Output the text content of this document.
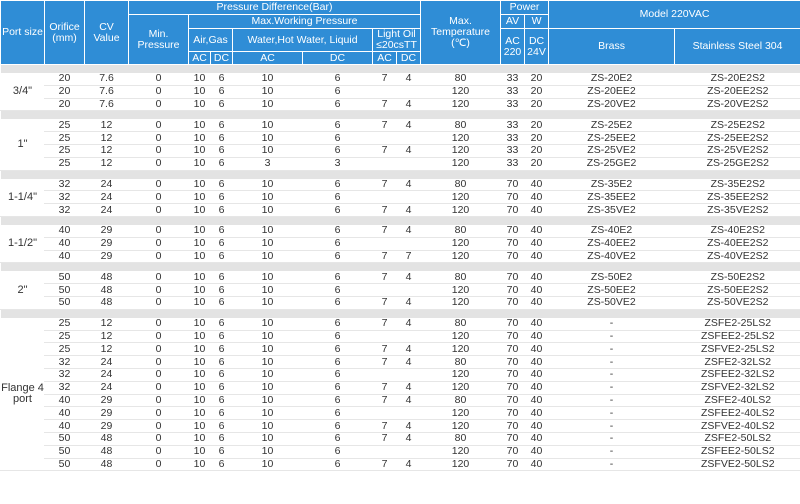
Port size	Orifice (mm)	CV Value	Pressure Difference(Bar)							Max. Temperature (℃)	Power		Model 220VAC	
			Min. Pressure	Max.Working Pressure							AV	W		
				Air,Gas		Water,Hot Water, Liquid		Light Oil ≤20csTT			AC 220	DC 24V	Brass	Stainless Steel 304
				AC	DC	AC	DC	AC	DC					

3/4"	20	7.6	0	10	6	10	6	7	4	80	33	20	ZS-20E2	ZS-20E2S2
	20	7.6	0	10	6	10	6			120	33	20	ZS-20EE2	ZS-20EE2S2
	20	7.6	0	10	6	10	6	7	4	120	33	20	ZS-20VE2	ZS-20VE2S2

1"	25	12	0	10	6	10	6	7	4	80	33	20	ZS-25E2	ZS-25E2S2
	25	12	0	10	6	10	6			120	33	20	ZS-25EE2	ZS-25EE2S2
	25	12	0	10	6	10	6	7	4	120	33	20	ZS-25VE2	ZS-25VE2S2
	25	12	0	10	6	3	3			120	33	20	ZS-25GE2	ZS-25GE2S2

1-1/4"	32	24	0	10	6	10	6	7	4	80	70	40	ZS-35E2	ZS-35E2S2
	32	24	0	10	6	10	6			120	70	40	ZS-35EE2	ZS-35EE2S2
	32	24	0	10	6	10	6	7	4	120	70	40	ZS-35VE2	ZS-35VE2S2

1-1/2"	40	29	0	10	6	10	6	7	4	80	70	40	ZS-40E2	ZS-40E2S2
	40	29	0	10	6	10	6			120	70	40	ZS-40EE2	ZS-40EE2S2
	40	29	0	10	6	10	6	7	7	120	70	40	ZS-40VE2	ZS-40VE2S2

2"	50	48	0	10	6	10	6	7	4	80	70	40	ZS-50E2	ZS-50E2S2
	50	48	0	10	6	10	6			120	70	40	ZS-50EE2	ZS-50EE2S2
	50	48	0	10	6	10	6	7	4	120	70	40	ZS-50VE2	ZS-50VE2S2

Flange 4 port	25	12	0	10	6	10	6	7	4	80	70	40	-	ZSFE2-25LS2
	25	12	0	10	6	10	6			120	70	40	-	ZSFEE2-25LS2
	25	12	0	10	6	10	6	7	4	120	70	40	-	ZSFVE2-25LS2
	32	24	0	10	6	10	6	7	4	80	70	40	-	ZSFE2-32LS2
	32	24	0	10	6	10	6			120	70	40	-	ZSFEE2-32LS2
	32	24	0	10	6	10	6	7	4	120	70	40	-	ZSFVE2-32LS2
	40	29	0	10	6	10	6	7	4	80	70	40	-	ZSFE2-40LS2
	40	29	0	10	6	10	6			120	70	40	-	ZSFEE2-40LS2
	40	29	0	10	6	10	6	7	4	120	70	40	-	ZSFVE2-40LS2
	50	48	0	10	6	10	6	7	4	80	70	40	-	ZSFE2-50LS2
	50	48	0	10	6	10	6			120	70	40	-	ZSFEE2-50LS2
	50	48	0	10	6	10	6	7	4	120	70	40	-	ZSFVE2-50LS2
